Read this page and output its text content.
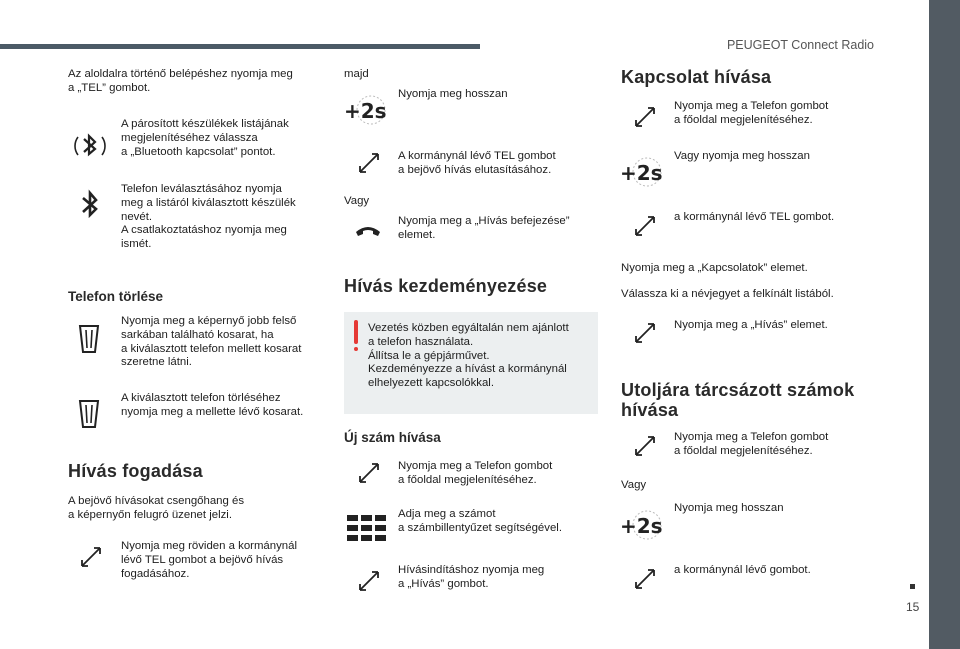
PEUGEOT Connect Radio
15
Az aloldalra történő belépéshez nyomja meg
a „TEL” gombot.
A párosított készülékek listájának
megjelenítéséhez válassza
a „Bluetooth kapcsolat” pontot.
Telefon leválasztásához nyomja
meg a listáról kiválasztott készülék
nevét.
A csatlakoztatáshoz nyomja meg
ismét.
Telefon törlése
Nyomja meg a képernyő jobb felső
sarkában található kosarat, ha
a kiválasztott telefon mellett kosarat
szeretne látni.
A kiválasztott telefon törléséhez
nyomja meg a mellette lévő kosarat.
Hívás fogadása
A bejövő hívásokat csengőhang és
a képernyőn felugró üzenet jelzi.
Nyomja meg röviden a kormánynál
lévő TEL gombot a bejövő hívás
fogadásához.
majd
+2s
Nyomja meg hosszan
A kormánynál lévő TEL gombot
a bejövő hívás elutasításához.
Vagy
Nyomja meg a „Hívás befejezése”
elemet.
Hívás kezdeményezése
Vezetés közben egyáltalán nem ajánlott
a telefon használata.
Állítsa le a gépjárművet.
Kezdeményezze a hívást a kormánynál
elhelyezett kapcsolókkal.
Új szám hívása
Nyomja meg a Telefon gombot
a főoldal megjelenítéséhez.
Adja meg a számot
a számbillentyűzet segítségével.
Hívásindításhoz nyomja meg
a „Hívás” gombot.
Kapcsolat hívása
Nyomja meg a Telefon gombot
a főoldal megjelenítéséhez.
+2s
Vagy nyomja meg hosszan
a kormánynál lévő TEL gombot.
Nyomja meg a „Kapcsolatok” elemet.
Válassza ki a névjegyet a felkínált listából.
Nyomja meg a „Hívás” elemet.
Utoljára tárcsázott számok
hívása
Nyomja meg a Telefon gombot
a főoldal megjelenítéséhez.
Vagy
+2s
Nyomja meg hosszan
a kormánynál lévő gombot.
